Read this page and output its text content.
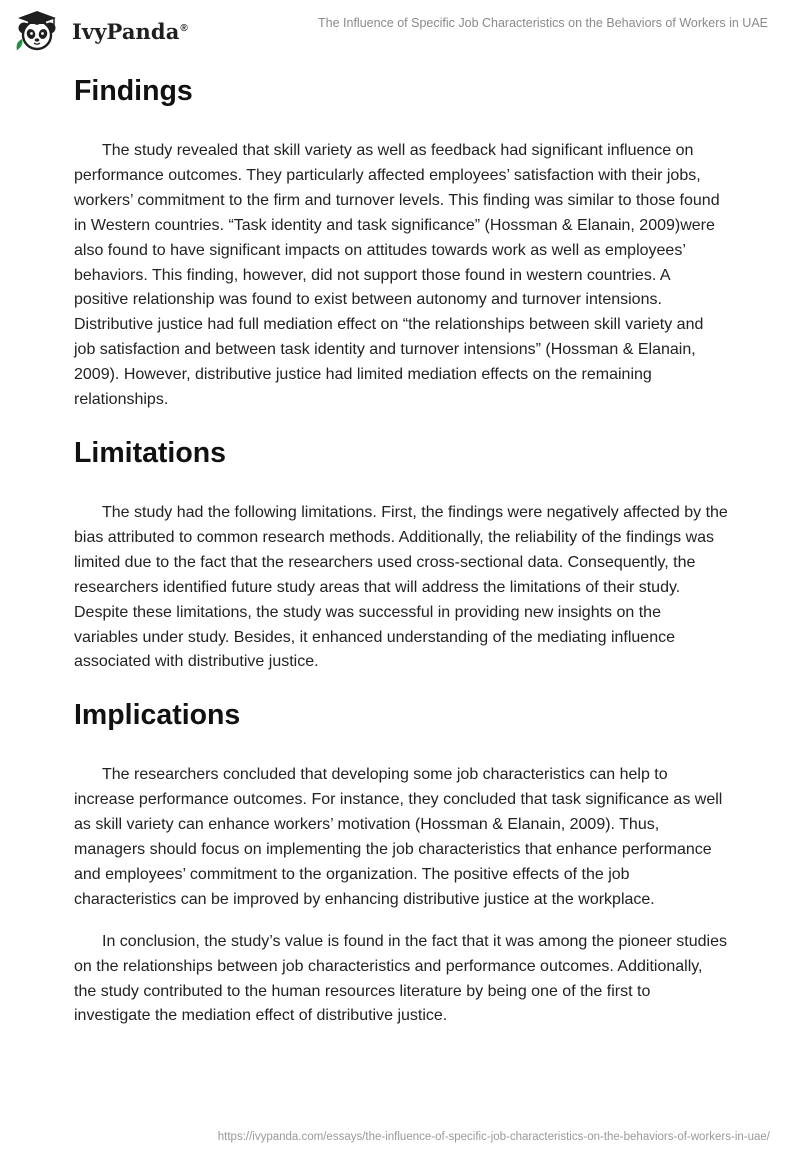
IvyPanda®	The Influence of Specific Job Characteristics on the Behaviors of Workers in UAE
Findings

The study revealed that skill variety as well as feedback had significant influence on performance outcomes. They particularly affected employees’ satisfaction with their jobs, workers’ commitment to the firm and turnover levels. This finding was similar to those found in Western countries. “Task identity and task significance” (Hossman & Elanain, 2009)were also found to have significant impacts on attitudes towards work as well as employees’ behaviors. This finding, however, did not support those found in western countries. A positive relationship was found to exist between autonomy and turnover intensions. Distributive justice had full mediation effect on “the relationships between skill variety and job satisfaction and between task identity and turnover intensions” (Hossman & Elanain, 2009). However, distributive justice had limited mediation effects on the remaining relationships.

Limitations

The study had the following limitations. First, the findings were negatively affected by the bias attributed to common research methods. Additionally, the reliability of the findings was limited due to the fact that the researchers used cross-sectional data. Consequently, the researchers identified future study areas that will address the limitations of their study. Despite these limitations, the study was successful in providing new insights on the variables under study. Besides, it enhanced understanding of the mediating influence associated with distributive justice.

Implications

The researchers concluded that developing some job characteristics can help to increase performance outcomes. For instance, they concluded that task significance as well as skill variety can enhance workers’ motivation (Hossman & Elanain, 2009). Thus, managers should focus on implementing the job characteristics that enhance performance and employees’ commitment to the organization. The positive effects of the job characteristics can be improved by enhancing distributive justice at the workplace.

In conclusion, the study’s value is found in the fact that it was among the pioneer studies on the relationships between job characteristics and performance outcomes. Additionally, the study contributed to the human resources literature by being one of the first to investigate the mediation effect of distributive justice.

https://ivypanda.com/essays/the-influence-of-specific-job-characteristics-on-the-behaviors-of-workers-in-uae/
